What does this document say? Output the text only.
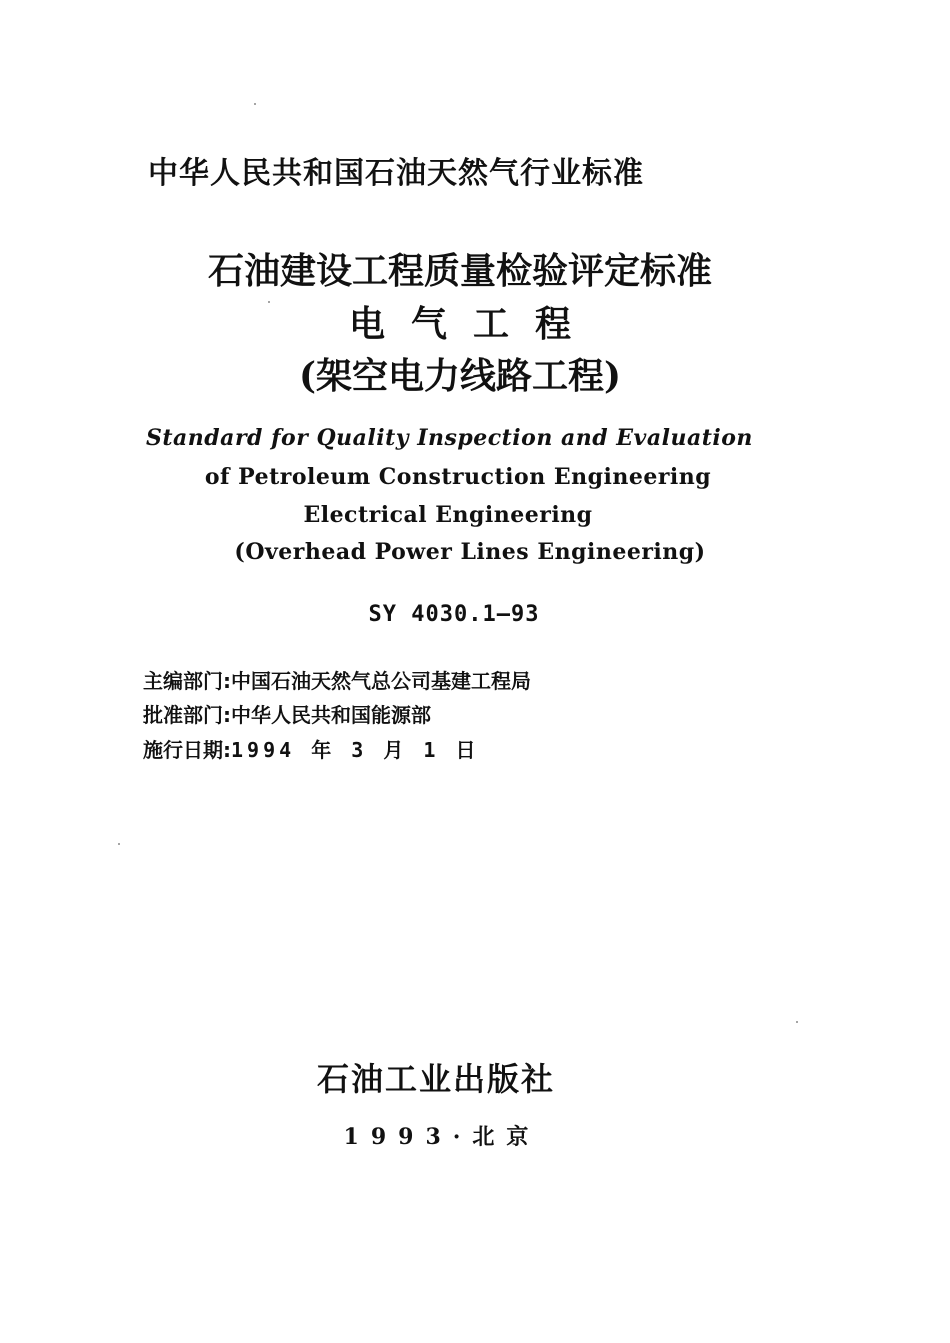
中华人民共和国石油天然气行业标准

石油建设工程质量检验评定标准

电气工程

(架空电力线路工程)

Standard for Quality Inspection and Evaluation

of Petroleum Construction Engineering

Electrical Engineering

(Overhead Power Lines Engineering)

SY 4030.1—93

主编部门:中国石油天然气总公司基建工程局

批准部门:中华人民共和国能源部

施行日期:1994 年 3 月 1 日

石油工业出版社

1993·北京
